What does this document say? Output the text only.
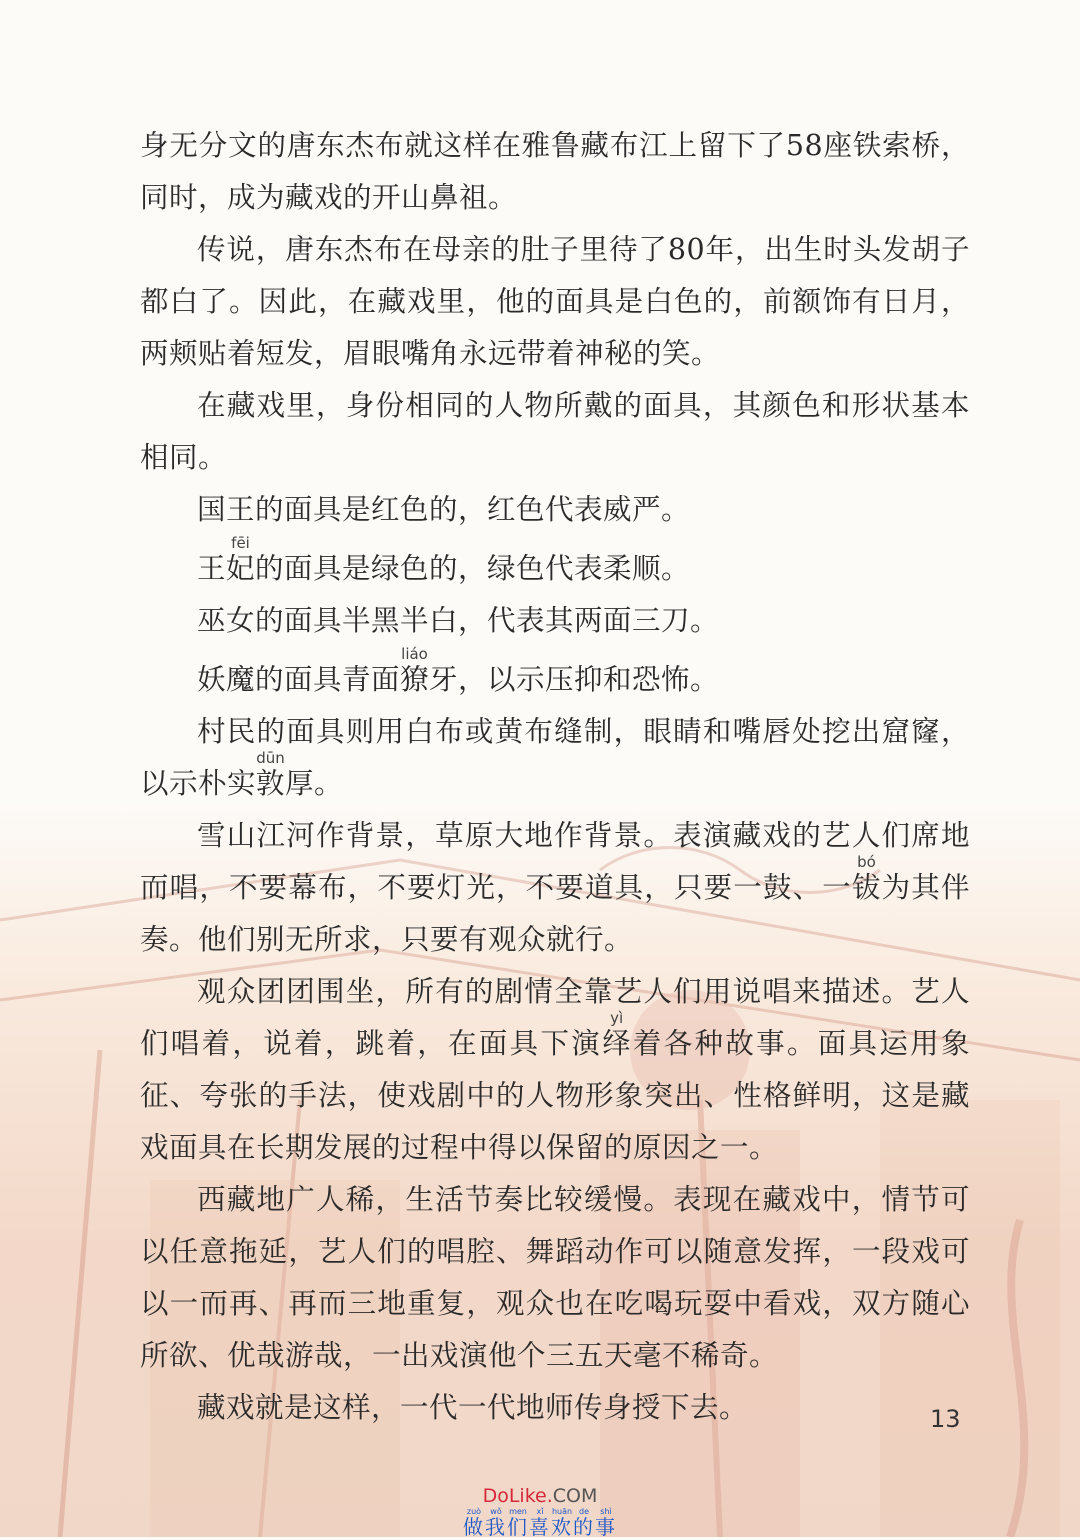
身无分文的唐东杰布就这样在雅鲁藏布江上留下了58座铁索桥，同时，成为藏戏的开山鼻祖。

传说，唐东杰布在母亲的肚子里待了80年，出生时头发胡子都白了。因此，在藏戏里，他的面具是白色的，前额饰有日月，两颊贴着短发，眉眼嘴角永远带着神秘的笑。

在藏戏里，身份相同的人物所戴的面具，其颜色和形状基本相同。

国王的面具是红色的，红色代表威严。

王妃fēi的面具是绿色的，绿色代表柔顺。

巫女的面具半黑半白，代表其两面三刀。

妖魔的面具青面獠liáo牙，以示压抑和恐怖。

村民的面具则用白布或黄布缝制，眼睛和嘴唇处挖出窟窿，以示朴实敦dūn厚。

雪山江河作背景，草原大地作背景。表演藏戏的艺人们席地而唱，不要幕布，不要灯光，不要道具，只要一鼓、一钹bó为其伴奏。他们别无所求，只要有观众就行。

观众团团围坐，所有的剧情全靠艺人们用说唱来描述。艺人们唱着，说着，跳着，在面具下演绎yì着各种故事。面具运用象征、夸张的手法，使戏剧中的人物形象突出、性格鲜明，这是藏戏面具在长期发展的过程中得以保留的原因之一。

西藏地广人稀，生活节奏比较缓慢。表现在藏戏中，情节可以任意拖延，艺人们的唱腔、舞蹈动作可以随意发挥，一段戏可以一而再、再而三地重复，观众也在吃喝玩耍中看戏，双方随心所欲、优哉游哉，一出戏演他个三五天毫不稀奇。

藏戏就是这样，一代一代地师传身授下去。	13
DoLike.COM
做zuò我wǒ们men喜xǐ欢huān的de事shì
